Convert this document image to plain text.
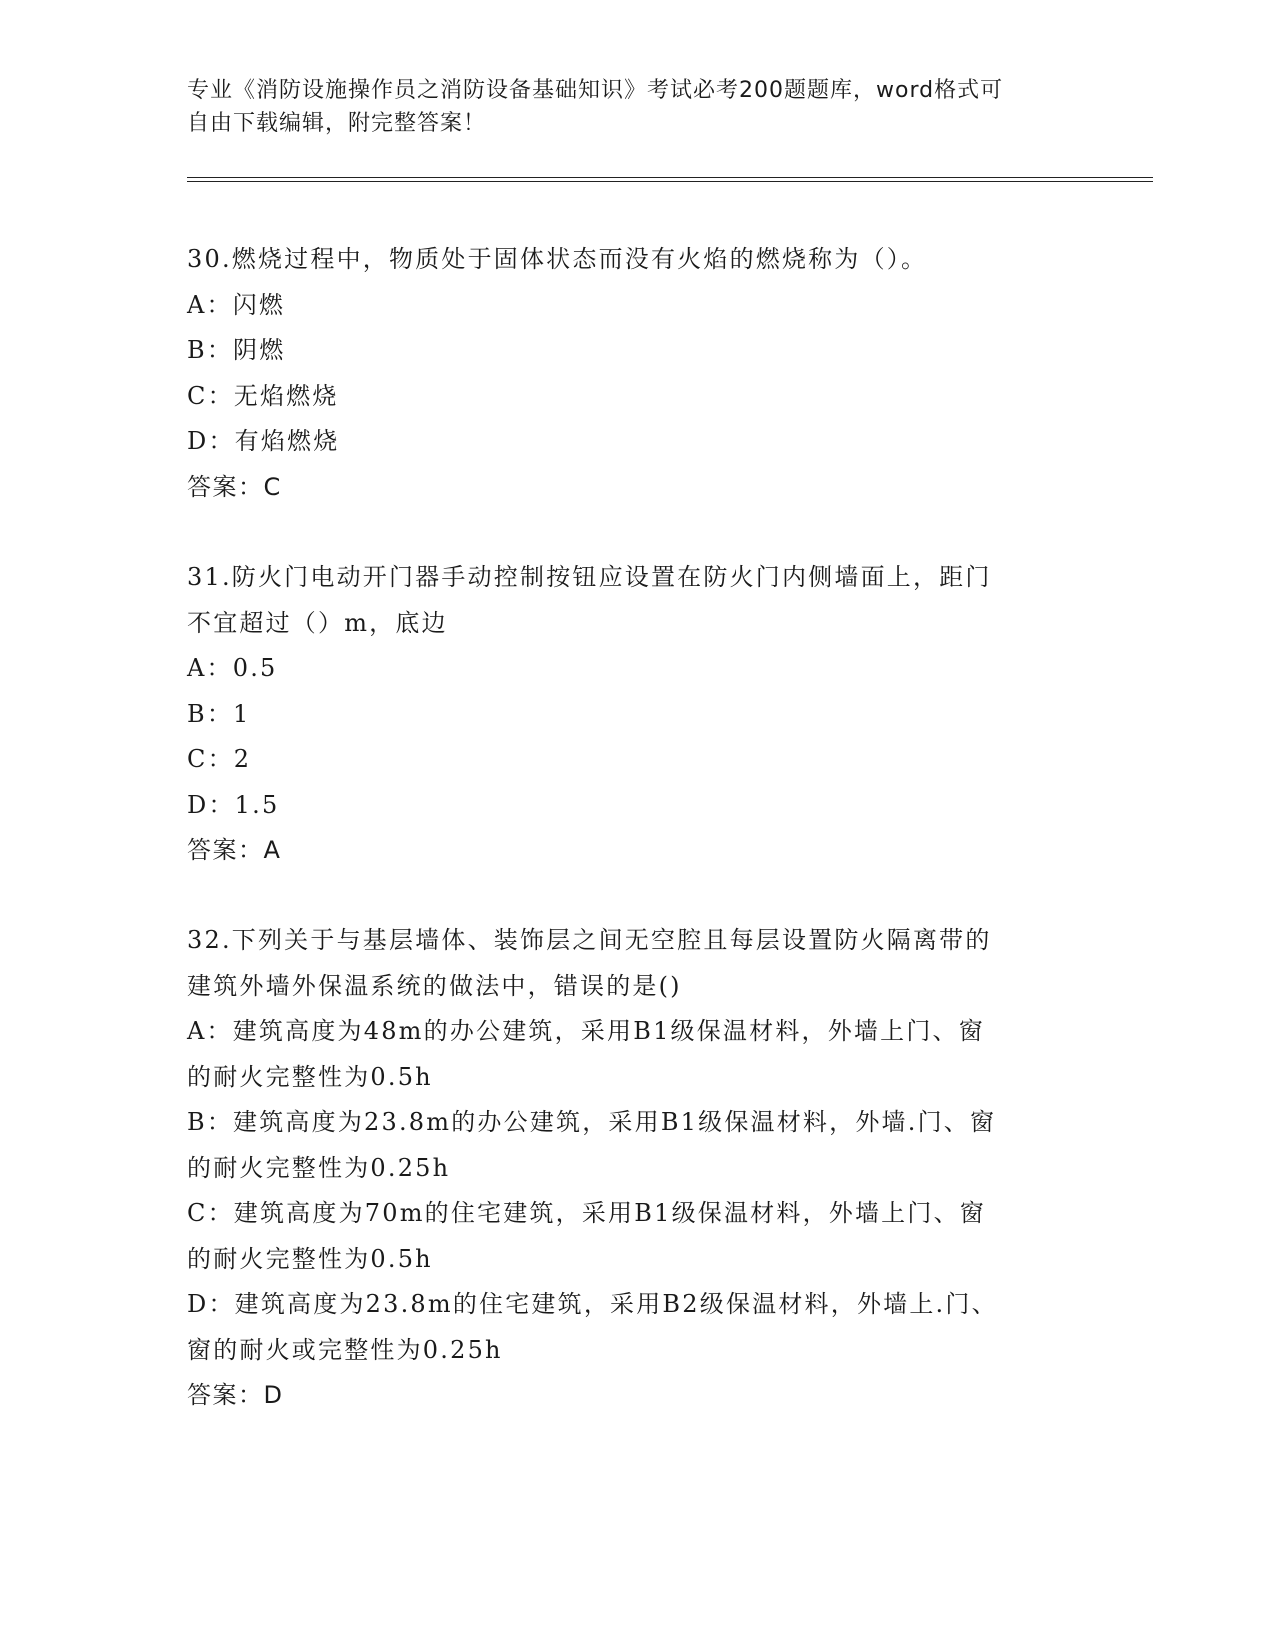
专业《消防设施操作员之消防设备基础知识》考试必考200题题库，word格式可
自由下载编辑，附完整答案！
30.燃烧过程中，物质处于固体状态而没有火焰的燃烧称为（）。
A：闪燃
B：阴燃
C：无焰燃烧
D：有焰燃烧
答案：C
31.防火门电动开门器手动控制按钮应设置在防火门内侧墙面上，距门
不宜超过（）m，底边
A：0.5
B：1
C：2
D：1.5
答案：A
32.下列关于与基层墙体、装饰层之间无空腔且每层设置防火隔离带的
建筑外墙外保温系统的做法中，错误的是()
A：建筑高度为48m的办公建筑，采用B1级保温材料，外墙上门、窗
的耐火完整性为0.5h
B：建筑高度为23.8m的办公建筑，采用B1级保温材料，外墙.门、窗
的耐火完整性为0.25h
C：建筑高度为70m的住宅建筑，采用B1级保温材料，外墙上门、窗
的耐火完整性为0.5h
D：建筑高度为23.8m的住宅建筑，采用B2级保温材料，外墙上.门、
窗的耐火或完整性为0.25h
答案：D
